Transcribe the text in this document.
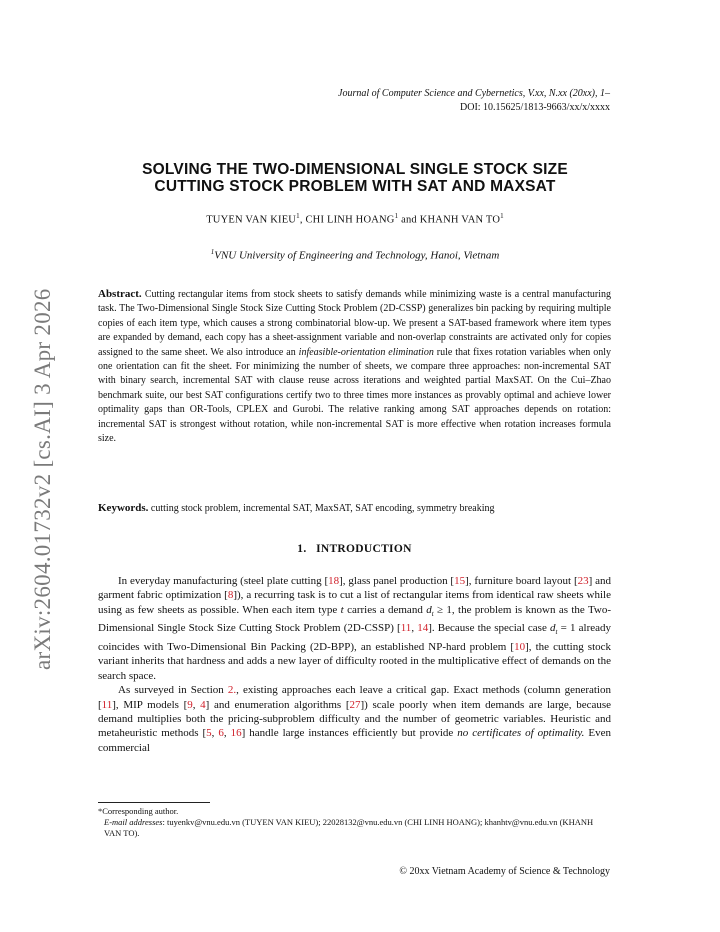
arXiv:2604.01732v2 [cs.AI] 3 Apr 2026
Journal of Computer Science and Cybernetics, V.xx, N.xx (20xx), 1–
DOI: 10.15625/1813-9663/xx/x/xxxx
SOLVING THE TWO-DIMENSIONAL SINGLE STOCK SIZE
CUTTING STOCK PROBLEM WITH SAT AND MAXSAT
TUYEN VAN KIEU$^1$, CHI LINH HOANG$^1$ and KHANH VAN $TO^1$
$^1$VNU University of Engineering and Technology, Hanoi, Vietnam
Abstract. Cutting rectangular items from stock sheets to satisfy demands while minimizing waste is a central manufacturing task. The Two-Dimensional Single Stock Size Cutting Stock Problem (2D-CSSP) generalizes bin packing by requiring multiple copies of each item type, which causes a strong combinatorial blow-up. We present a SAT-based framework where item types are expanded by demand, each copy has a sheet-assignment variable and non-overlap constraints are activated only for copies assigned to the same sheet. We also introduce an infeasible-orientation elimination rule that fixes rotation variables when only one orientation can fit the sheet. For minimizing the number of sheets, we compare three approaches: non-incremental SAT with binary search, incremental SAT with clause reuse across iterations and weighted partial MaxSAT. On the Cui–Zhao benchmark suite, our best SAT configurations certify two to three times more instances as provably optimal and achieve lower optimality gaps than OR-Tools, CPLEX and Gurobi. The relative ranking among SAT approaches depends on rotation: incremental SAT is strongest without rotation, while non-incremental SAT is more effective when rotation increases formula size.
Keywords. cutting stock problem, incremental SAT, MaxSAT, SAT encoding, symmetry breaking
1. INTRODUCTION

In everyday manufacturing (steel plate cutting [18], glass panel production [15], furniture board layout [23] and garment fabric optimization [8]), a recurring task is to cut a list of rectangular items from identical raw sheets while using as few sheets as possible. When each item type t carries a demand $d_t \ge 1$, the problem is known as the Two-Dimensional Single Stock Size Cutting Stock Problem (2D-CSSP) [11, 14]. Because the special case $d_t = 1$ already coincides with Two-Dimensional Bin Packing (2D-BPP), an established NP-hard problem [10], the cutting stock variant inherits that hardness and adds a new layer of difficulty rooted in the multiplicative effect of demands on the search space.

As surveyed in Section 2., existing approaches each leave a critical gap. Exact methods (column generation [11], MIP models [9, 4] and enumeration algorithms [27]) scale poorly when item demands are large, because demand multiplies both the pricing-subproblem difficulty and the number of geometric variables. Heuristic and metaheuristic methods [5, 6, 16] handle large instances efficiently but provide no certificates of optimality. Even commercial

*Corresponding author.
E-mail addresses: tuyenkv@vnu.edu.vn (TUYEN VAN KIEU); 22028132@vnu.edu.vn (CHI LINH HOANG); khanhtv@vnu.edu.vn (KHANH VAN TO).
© 20xx Vietnam Academy of Science & Technology
